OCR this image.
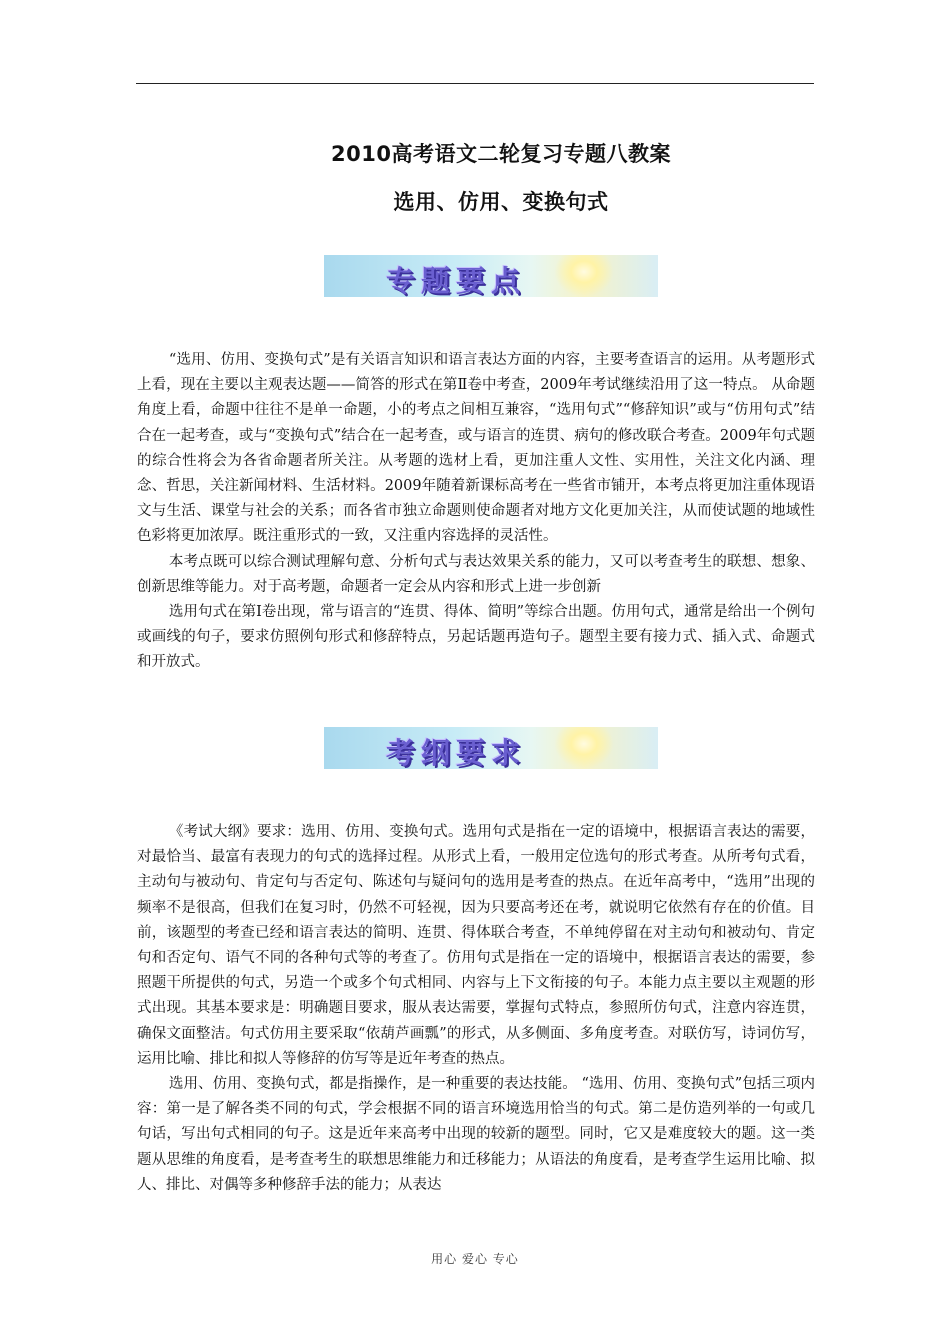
2010高考语文二轮复习专题八教案
选用、仿用、变换句式
专题要点

“选用、仿用、变换句式”是有关语言知识和语言表达方面的内容，主要考查语言的运用。从考题形式上看，现在主要以主观表达题——简答的形式在第Ⅱ卷中考查，2009年考试继续沿用了这一特点。 从命题角度上看，命题中往往不是单一命题，小的考点之间相互兼容，“选用句式”“修辞知识”或与“仿用句式”结合在一起考查，或与“变换句式”结合在一起考查，或与语言的连贯、病句的修改联合考查。2009年句式题的综合性将会为各省命题者所关注。从考题的选材上看，更加注重人文性、实用性，关注文化内涵、理念、哲思，关注新闻材料、生活材料。2009年随着新课标高考在一些省市铺开，本考点将更加注重体现语文与生活、课堂与社会的关系；而各省市独立命题则使命题者对地方文化更加关注，从而使试题的地域性色彩将更加浓厚。既注重形式的一致，又注重内容选择的灵活性。

本考点既可以综合测试理解句意、分析句式与表达效果关系的能力，又可以考查考生的联想、想象、创新思维等能力。对于高考题，命题者一定会从内容和形式上进一步创新

选用句式在第Ⅰ卷出现，常与语言的“连贯、得体、简明”等综合出题。仿用句式，通常是给出一个例句或画线的句子，要求仿照例句形式和修辞特点，另起话题再造句子。题型主要有接力式、插入式、命题式和开放式。

考纲要求

《考试大纲》要求：选用、仿用、变换句式。选用句式是指在一定的语境中，根据语言表达的需要，对最恰当、最富有表现力的句式的选择过程。从形式上看，一般用定位选句的形式考查。从所考句式看，主动句与被动句、肯定句与否定句、陈述句与疑问句的选用是考查的热点。在近年高考中，“选用”出现的频率不是很高，但我们在复习时，仍然不可轻视，因为只要高考还在考，就说明它依然有存在的价值。目前，该题型的考查已经和语言表达的简明、连贯、得体联合考查，不单纯停留在对主动句和被动句、肯定句和否定句、语气不同的各种句式等的考查了。仿用句式是指在一定的语境中，根据语言表达的需要，参照题干所提供的句式，另造一个或多个句式相同、内容与上下文衔接的句子。本能力点主要以主观题的形式出现。其基本要求是：明确题目要求，服从表达需要，掌握句式特点，参照所仿句式，注意内容连贯，确保文面整洁。句式仿用主要采取“依葫芦画瓢”的形式，从多侧面、多角度考查。对联仿写，诗词仿写，运用比喻、排比和拟人等修辞的仿写等是近年考查的热点。

选用、仿用、变换句式，都是指操作，是一种重要的表达技能。 “选用、仿用、变换句式”包括三项内容：第一是了解各类不同的句式，学会根据不同的语言环境选用恰当的句式。第二是仿造列举的一句或几句话，写出句式相同的句子。这是近年来高考中出现的较新的题型。同时，它又是难度较大的题。这一类题从思维的角度看，是考查考生的联想思维能力和迁移能力；从语法的角度看，是考查学生运用比喻、拟人、排比、对偶等多种修辞手法的能力；从表达

用心 爱心 专心
